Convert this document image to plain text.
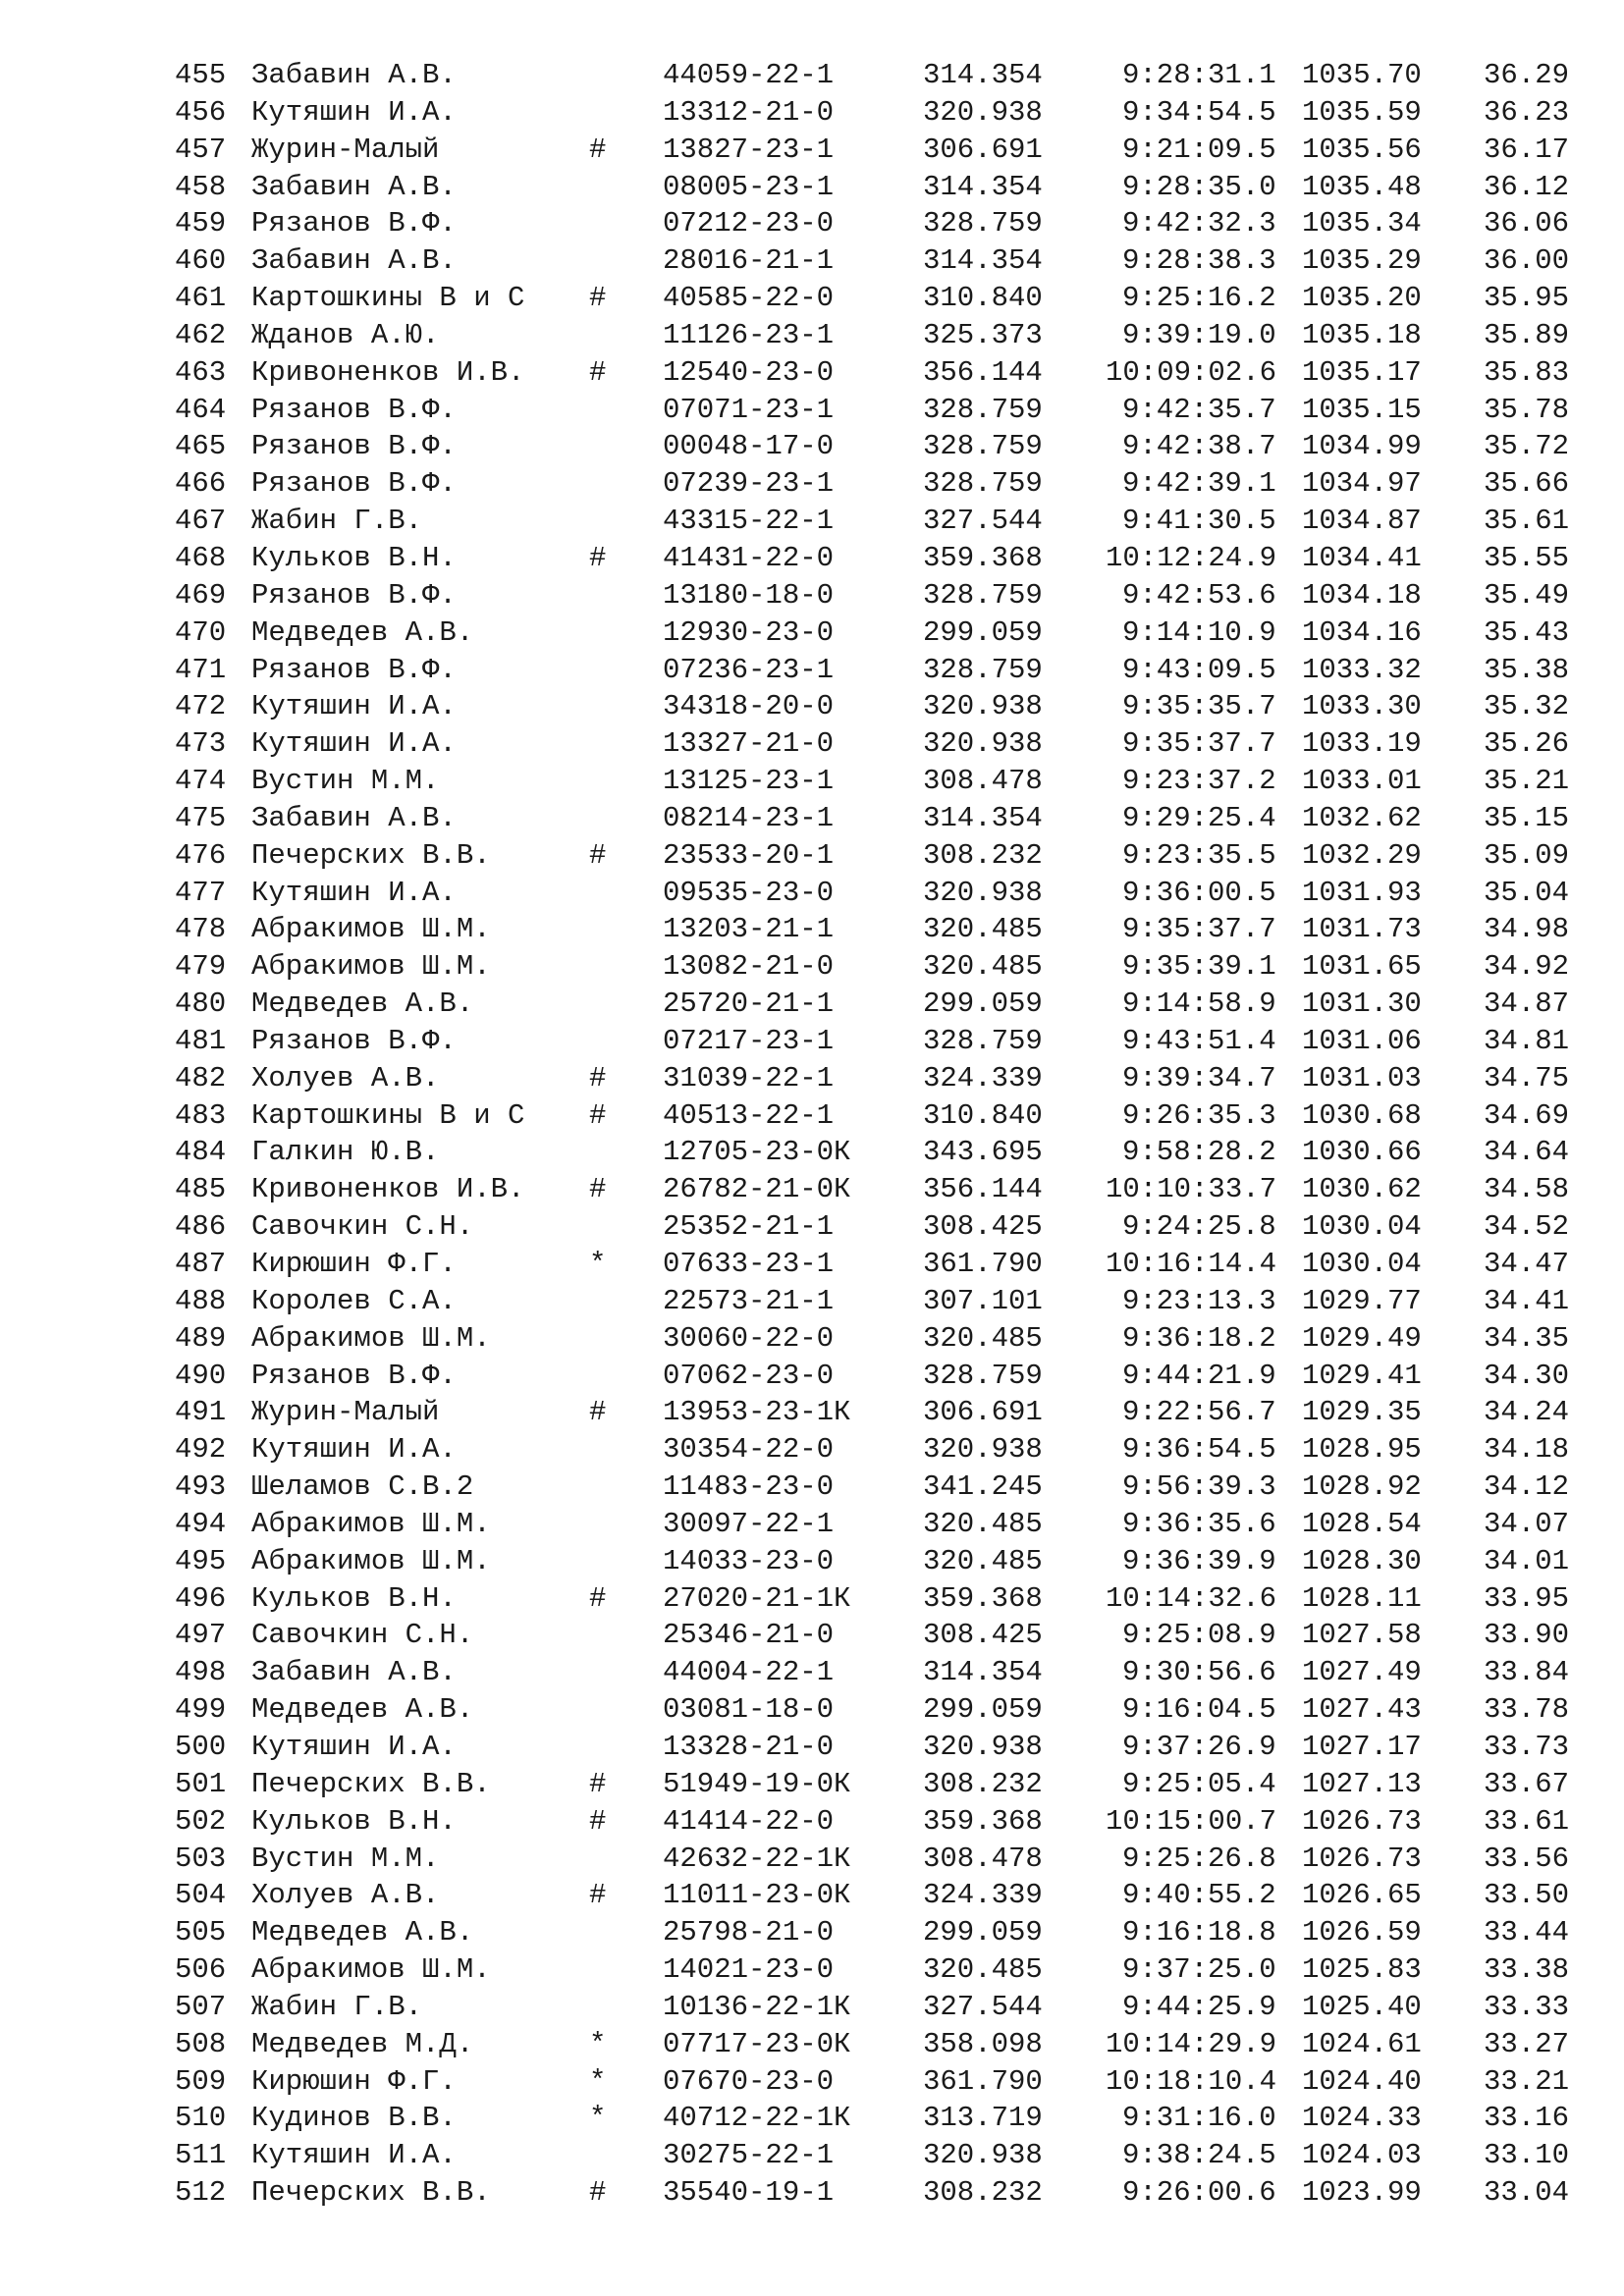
455 Забавин А.В.	44059-22-1	314.354	9:28:31.1 1035.70 36.29
456 Кутяшин И.А.	13312-21-0	320.938	9:34:54.5 1035.59 36.23
457 Журин-Малый	# 13827-23-1	306.691	9:21:09.5 1035.56 36.17
458 Забавин А.В.	08005-23-1	314.354	9:28:35.0 1035.48 36.12
459 Рязанов В.Ф.	07212-23-0	328.759	9:42:32.3 1035.34 36.06
460 Забавин А.В.	28016-21-1	314.354	9:28:38.3 1035.29 36.00
461 Картошкины В и С # 40585-22-0	310.840	9:25:16.2 1035.20 35.95
462 Жданов А.Ю.	11126-23-1	325.373	9:39:19.0 1035.18 35.89
463 Кривоненков И.В. # 12540-23-0	356.144 10:09:02.6 1035.17 35.83
464 Рязанов В.Ф.	07071-23-1	328.759	9:42:35.7 1035.15 35.78
465 Рязанов В.Ф.	00048-17-0	328.759	9:42:38.7 1034.99 35.72
466 Рязанов В.Ф.	07239-23-1	328.759	9:42:39.1 1034.97 35.66
467 Жабин Г.В.	43315-22-1	327.544	9:41:30.5 1034.87 35.61
468 Кульков В.Н.	# 41431-22-0	359.368 10:12:24.9 1034.41 35.55
469 Рязанов В.Ф.	13180-18-0	328.759	9:42:53.6 1034.18 35.49
470 Медведев А.В.	12930-23-0	299.059	9:14:10.9 1034.16 35.43
471 Рязанов В.Ф.	07236-23-1	328.759	9:43:09.5 1033.32 35.38
472 Кутяшин И.А.	34318-20-0	320.938	9:35:35.7 1033.30 35.32
473 Кутяшин И.А.	13327-21-0	320.938	9:35:37.7 1033.19 35.26
474 Вустин М.М.	13125-23-1	308.478	9:23:37.2 1033.01 35.21
475 Забавин А.В.	08214-23-1	314.354	9:29:25.4 1032.62 35.15
476 Печерских В.В.	# 23533-20-1	308.232	9:23:35.5 1032.29 35.09
477 Кутяшин И.А.	09535-23-0	320.938	9:36:00.5 1031.93 35.04
478 Абракимов Ш.М.	13203-21-1	320.485	9:35:37.7 1031.73 34.98
479 Абракимов Ш.М.	13082-21-0	320.485	9:35:39.1 1031.65 34.92
480 Медведев А.В.	25720-21-1	299.059	9:14:58.9 1031.30 34.87
481 Рязанов В.Ф.	07217-23-1	328.759	9:43:51.4 1031.06 34.81
482 Холуев А.В.	# 31039-22-1	324.339	9:39:34.7 1031.03 34.75
483 Картошкины В и С # 40513-22-1	310.840	9:26:35.3 1030.68 34.69
484 Галкин Ю.В.	12705-23-0К	343.695	9:58:28.2 1030.66 34.64
485 Кривоненков И.В. # 26782-21-0К	356.144 10:10:33.7 1030.62 34.58
486 Савочкин С.Н.	25352-21-1	308.425	9:24:25.8 1030.04 34.52
487 Кирюшин Ф.Г.	* 07633-23-1	361.790 10:16:14.4 1030.04 34.47
488 Королев С.А.	22573-21-1	307.101	9:23:13.3 1029.77 34.41
489 Абракимов Ш.М.	30060-22-0	320.485	9:36:18.2 1029.49 34.35
490 Рязанов В.Ф.	07062-23-0	328.759	9:44:21.9 1029.41 34.30
491 Журин-Малый	# 13953-23-1К	306.691	9:22:56.7 1029.35 34.24
492 Кутяшин И.А.	30354-22-0	320.938	9:36:54.5 1028.95 34.18
493 Шеламов С.В.2	11483-23-0	341.245	9:56:39.3 1028.92 34.12
494 Абракимов Ш.М.	30097-22-1	320.485	9:36:35.6 1028.54 34.07
495 Абракимов Ш.М.	14033-23-0	320.485	9:36:39.9 1028.30 34.01
496 Кульков В.Н.	# 27020-21-1К	359.368 10:14:32.6 1028.11 33.95
497 Савочкин С.Н.	25346-21-0	308.425	9:25:08.9 1027.58 33.90
498 Забавин А.В.	44004-22-1	314.354	9:30:56.6 1027.49 33.84
499 Медведев А.В.	03081-18-0	299.059	9:16:04.5 1027.43 33.78
500 Кутяшин И.А.	13328-21-0	320.938	9:37:26.9 1027.17 33.73
501 Печерских В.В.	# 51949-19-0К	308.232	9:25:05.4 1027.13 33.67
502 Кульков В.Н.	# 41414-22-0	359.368 10:15:00.7 1026.73 33.61
503 Вустин М.М.	42632-22-1К	308.478	9:25:26.8 1026.73 33.56
504 Холуев А.В.	# 11011-23-0К	324.339	9:40:55.2 1026.65 33.50
505 Медведев А.В.	25798-21-0	299.059	9:16:18.8 1026.59 33.44
506 Абракимов Ш.М.	14021-23-0	320.485	9:37:25.0 1025.83 33.38
507 Жабин Г.В.	10136-22-1К	327.544	9:44:25.9 1025.40 33.33
508 Медведев М.Д.	* 07717-23-0К	358.098 10:14:29.9 1024.61 33.27
509 Кирюшин Ф.Г.	* 07670-23-0	361.790 10:18:10.4 1024.40 33.21
510 Кудинов В.В.	* 40712-22-1К	313.719	9:31:16.0 1024.33 33.16
511 Кутяшин И.А.	30275-22-1	320.938	9:38:24.5 1024.03 33.10
512 Печерских В.В.	# 35540-19-1	308.232	9:26:00.6 1023.99 33.04
